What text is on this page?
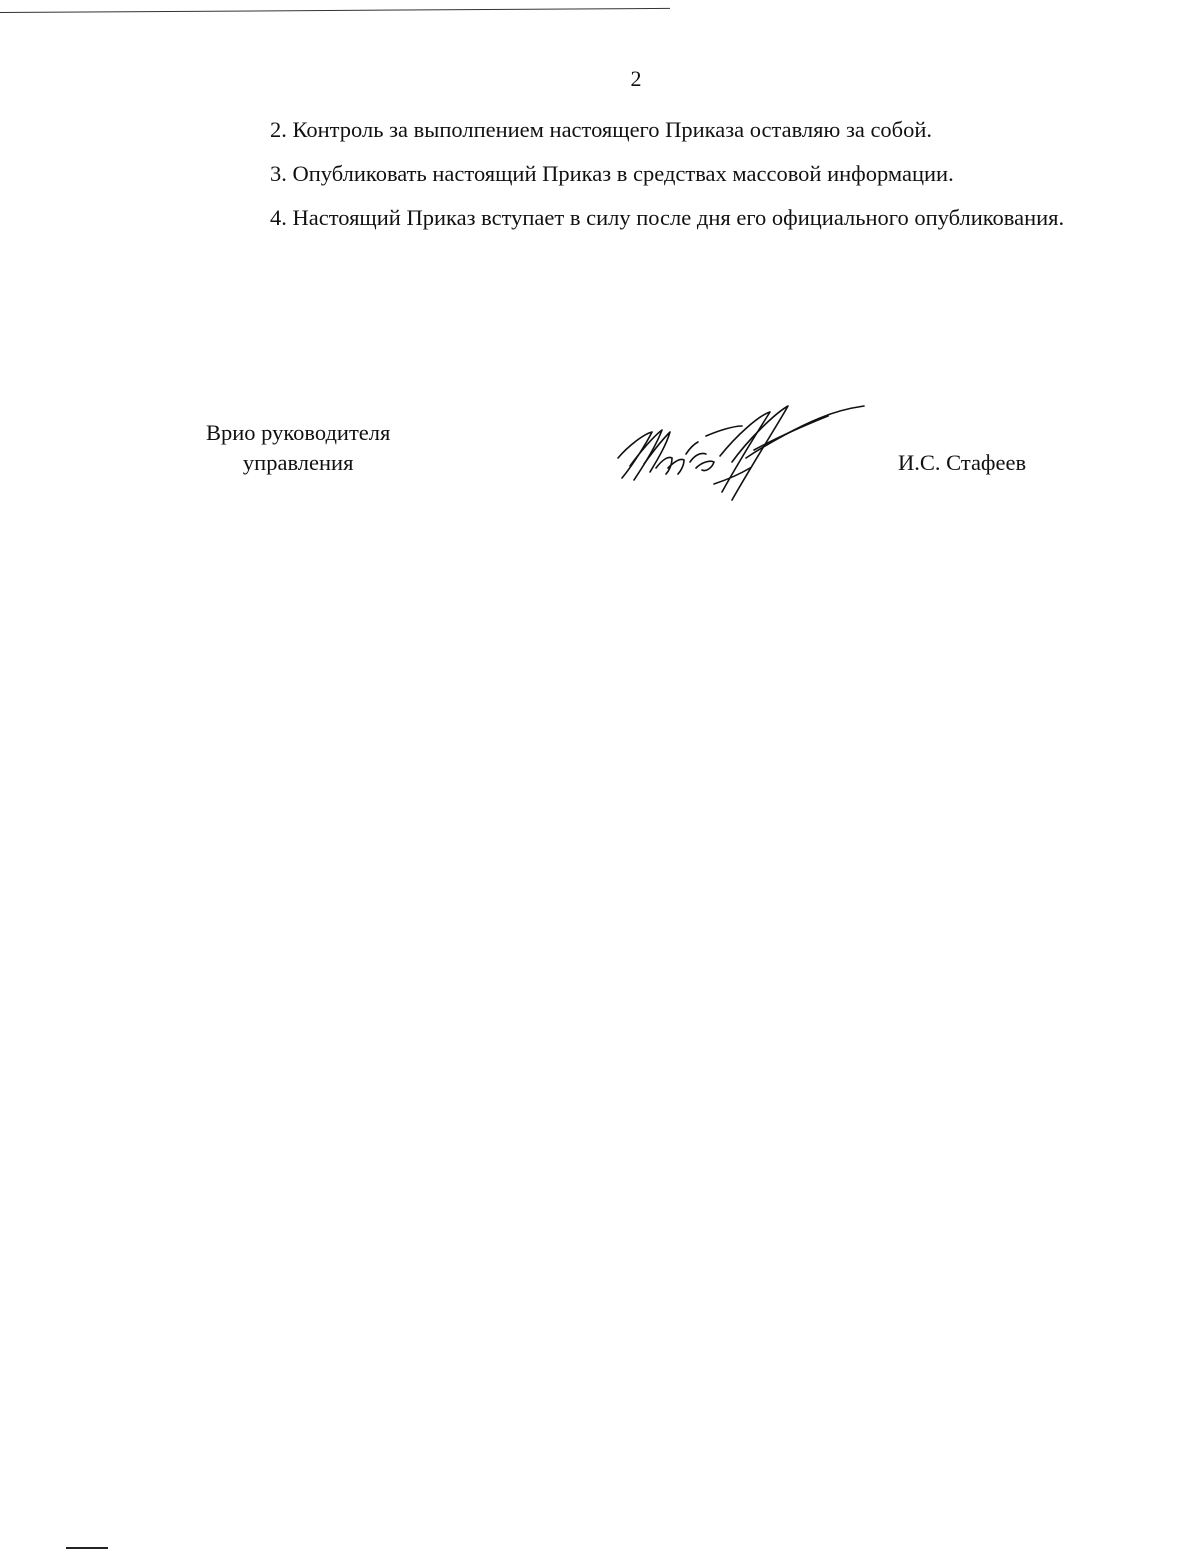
2

2. Контроль за выполпением настоящего Приказа оставляю за собой.

3. Опубликовать настоящий Приказ в средствах массовой информации.

4. Настоящий Приказ вступает в силу после дня его официального опубликования.

Врио руководителя
управления	И.С. Стафеев
